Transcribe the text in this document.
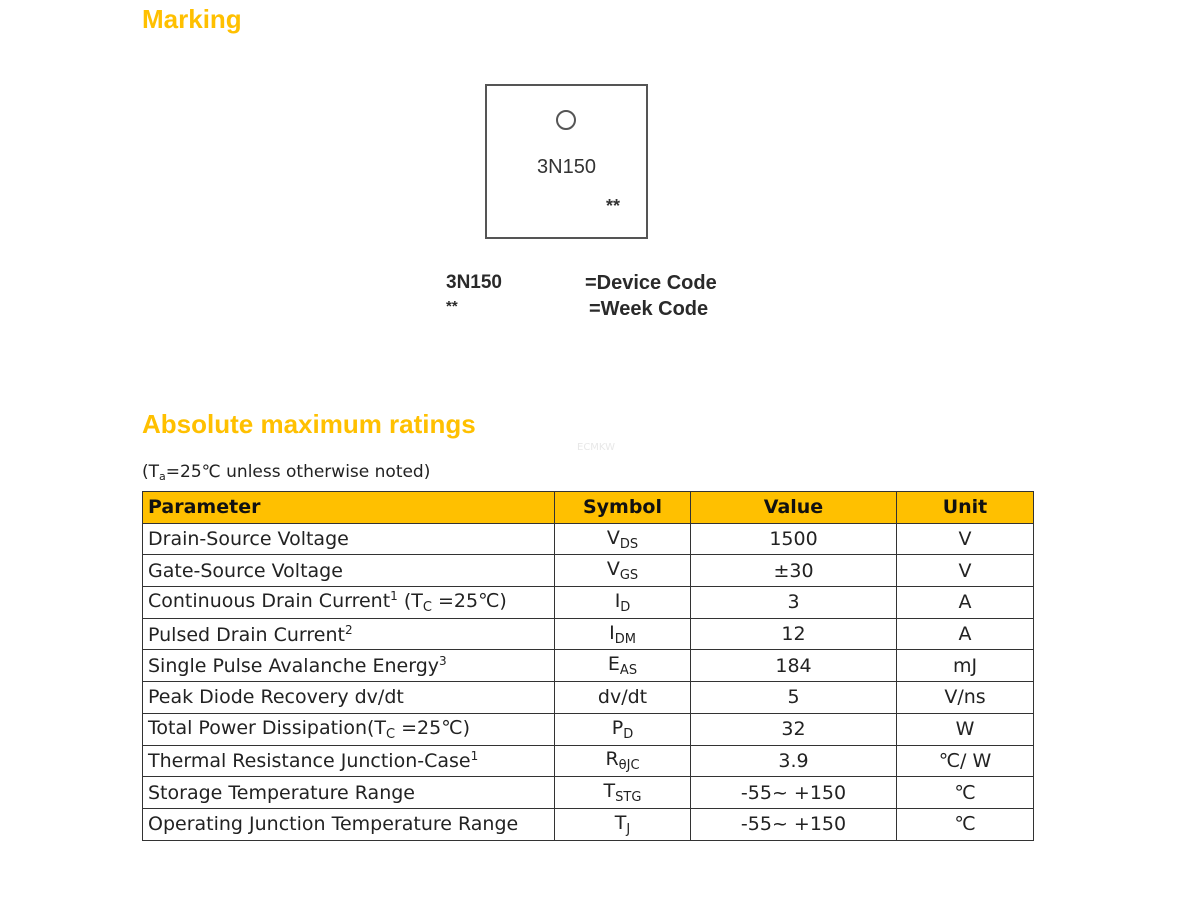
Marking
3N150
**
3N150	=Device Code
**	=Week Code
Absolute maximum ratings
ECMKW
($T_a=25℃$ unless otherwise noted)
Parameter	Symbol	Value	Unit
Drain-Source Voltage	$V_{DS}$	1500	V
Gate-Source Voltage	$V_{GS}$	±30	V
Continuous Drain Current$^1$ ($T_C$ =25℃)	$I_D$	3	A
Pulsed Drain Current$^2$	$I_{DM}$	12	A
Single Pulse Avalanche Energy$^3$	$E_{AS}$	184	mJ
Peak Diode Recovery dv/dt	dv/dt	5	V/ns
Total Power $Dissipation(T_C$ =25℃)	$P_D$	32	W
Thermal Resistance Junction-Case$^1$	$R_{\theta JC}$	3.9	℃/ W
Storage Temperature Range	$T_{STG}$	-55~ +150	℃
Operating Junction Temperature Range	$T_J$	-55~ +150	℃
